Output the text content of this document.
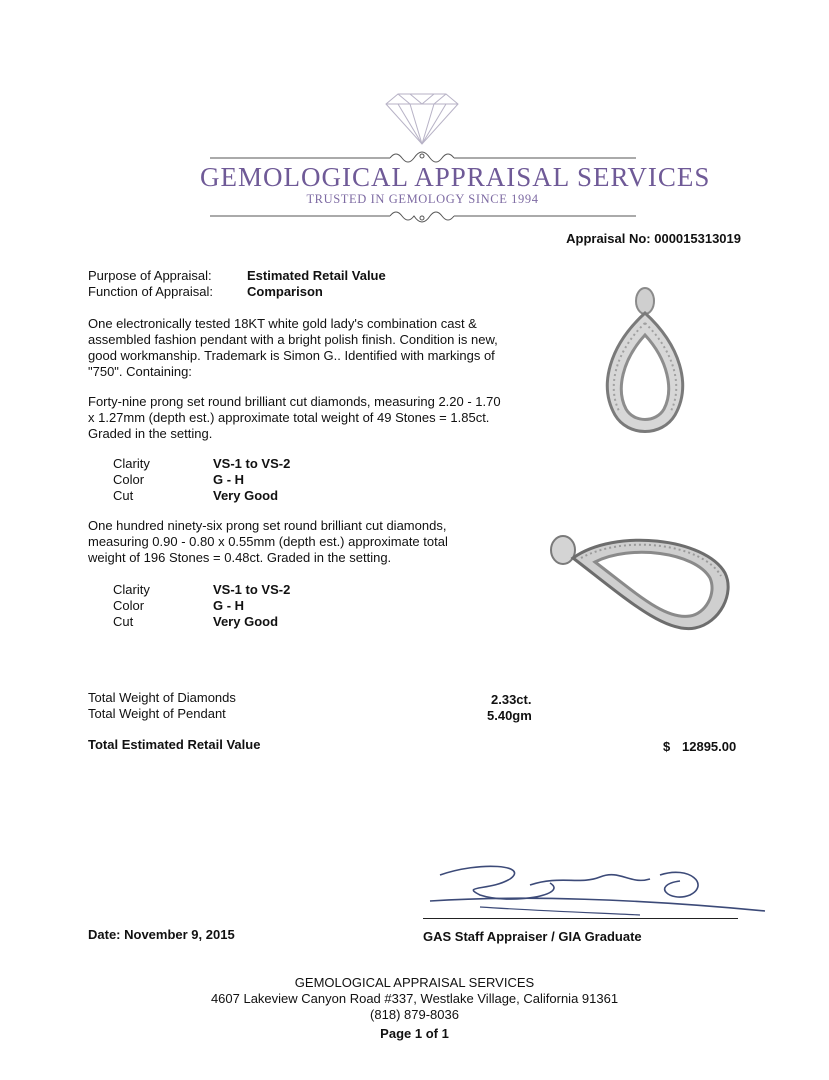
GEMOLOGICAL APPRAISAL SERVICES
TRUSTED IN GEMOLOGY SINCE 1994
Appraisal No: 000015313019
Purpose of Appraisal:	Estimated Retail Value
Function of Appraisal:	Comparison
One electronically tested 18KT white gold lady's combination cast & assembled fashion pendant with a bright polish finish. Condition is new, good workmanship. Trademark is Simon G.. Identified with markings of "750". Containing:
Forty-nine prong set round brilliant cut diamonds, measuring 2.20 - 1.70 x 1.27mm (depth est.) approximate total weight of 49 Stones = 1.85ct. Graded in the setting.
Clarity	VS-1 to VS-2
Color	G - H
Cut	Very Good
One hundred ninety-six prong set round brilliant cut diamonds, measuring 0.90 - 0.80 x 0.55mm (depth est.) approximate total weight of 196 Stones = 0.48ct. Graded in the setting.
Clarity	VS-1 to VS-2
Color	G - H
Cut	Very Good
Total Weight of Diamonds	2.33ct.
Total Weight of Pendant	5.40gm
Total Estimated Retail Value	$ 12895.00
Date: November 9, 2015	GAS Staff Appraiser / GIA Graduate
GEMOLOGICAL APPRAISAL SERVICES
4607 Lakeview Canyon Road #337, Westlake Village, California 91361
(818) 879-8036
Page 1 of 1
